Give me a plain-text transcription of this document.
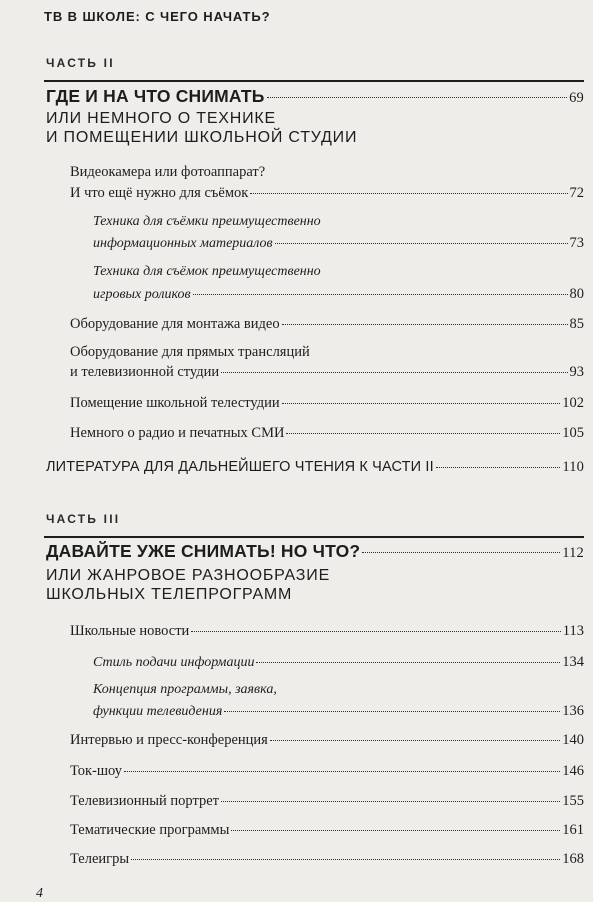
ТВ В ШКОЛЕ: С ЧЕГО НАЧАТЬ?
ЧАСТЬ II
ГДЕ И НА ЧТО СНИМАТЬ	69
ИЛИ НЕМНОГО О ТЕХНИКЕ
И ПОМЕЩЕНИИ ШКОЛЬНОЙ СТУДИИ
Видеокамера или фотоаппарат?
И что ещё нужно для съёмок	72
Техника для съёмки преимущественно
информационных материалов	73
Техника для съёмок преимущественно
игровых роликов	80
Оборудование для монтажа видео	85
Оборудование для прямых трансляций
и телевизионной студии	93
Помещение школьной телестудии	102
Немного о радио и печатных СМИ	105
ЛИТЕРАТУРА ДЛЯ ДАЛЬНЕЙШЕГО ЧТЕНИЯ К ЧАСТИ II	110
ЧАСТЬ III
ДАВАЙТЕ УЖЕ СНИМАТЬ! НО ЧТО?	112
ИЛИ ЖАНРОВОЕ РАЗНООБРАЗИЕ
ШКОЛЬНЫХ ТЕЛЕПРОГРАММ
Школьные новости	113
Стиль подачи информации	134
Концепция программы, заявка,
функции телевидения	136
Интервью и пресс-конференция	140
Ток-шоу	146
Телевизионный портрет	155
Тематические программы	161
Телеигры	168
4
